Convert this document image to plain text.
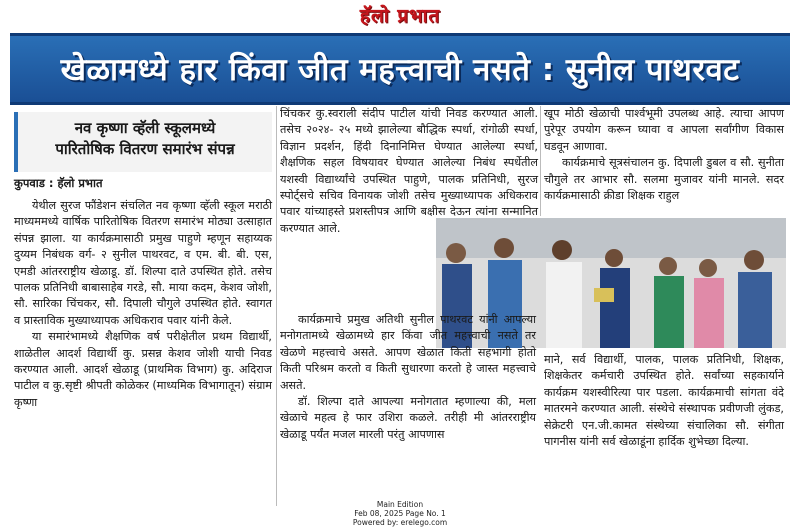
हॅलो प्रभात
खेळामध्ये हार किंवा जीत महत्त्वाची नसते : सुनील पाथरवट
नव कृष्णा व्हॅली स्कूलमध्ये
पारितोषिक वितरण समारंभ संपन्न
कुपवाड : हॅलो प्रभात

येथील सुरज फौंडेशन संचलित नव कृष्णा व्हॅली स्कूल मराठी माध्यममध्ये वार्षिक पारितोषिक वितरण समारंभ मोठ्या उत्साहात संपन्न झाला. या कार्यक्रमासाठी प्रमुख पाहुणे म्हणून सहाय्यक दुय्यम निबंधक वर्ग- २ सुनील पाथरवट, व एम. बी. बी. एस, एमडी आंतरराष्ट्रीय खेळाडू. डॉ. शिल्पा दाते उपस्थित होते. तसेच पालक प्रतिनिधी बाबासाहेब गरडे, सौ. माया कदम, केशव जोशी, सौ. सारिका चिंचकर, सौ. दिपाली चौगुले उपस्थित होते. स्वागत व प्रास्ताविक मुख्याध्यापक अधिकराव पवार यांनी केले.

या समारंभामध्ये शैक्षणिक वर्ष परीक्षेतील प्रथम विद्यार्थी, शाळेतील आदर्श विद्यार्थी कु. प्रसन्न केशव जोशी याची निवड करण्यात आली. आदर्श खेळाडू (प्राथमिक विभाग) कु. अदिराज पाटील व कु.सृष्टी श्रीपती कोळेकर (माध्यमिक विभागातून) संग्राम कृष्णा

चिंचकर कु.स्वराली संदीप पाटील यांची निवड करण्यात आली. तसेच २०२४- २५ मध्ये झालेल्या बौद्धिक स्पर्धा, रांगोळी स्पर्धा, विज्ञान प्रदर्शन, हिंदी दिनानिमित्त घेण्यात आलेल्या स्पर्धा, शैक्षणिक सहल विषयावर घेण्यात आलेल्या निबंध स्पर्धेतील यशस्वी विद्यार्थ्यांचे उपस्थित पाहुणे, पालक प्रतिनिधी, सुरज स्पोर्ट्सचे सचिव विनायक जोशी तसेच मुख्याध्यापक अधिकराव पवार यांच्याहस्ते प्रशस्तीपत्र आणि बक्षीस देऊन त्यांना सन्मानित करण्यात आले.

खूप मोठी खेळाची पार्श्वभूमी उपलब्ध आहे. त्याचा आपण पुरेपूर उपयोग करून घ्यावा व आपला सर्वांगीण विकास घडवून आणावा.

कार्यक्रमाचे सूत्रसंचालन कु. दिपाली डुबल व सौ. सुनीता चौगुले तर आभार सौ. सलमा मुजावर यांनी मानले. सदर कार्यक्रमासाठी क्रीडा शिक्षक राहुल

कार्यक्रमाचे प्रमुख अतिथी सुनील पाथरवट यांनी आपल्या मनोगतामध्ये खेळामध्ये हार किंवा जीत महत्त्वाची नसते तर खेळणे महत्त्वाचे असते. आपण खेळात किती सहभागी होतो किती परिश्रम करतो व किती सुधारणा करतो हे जास्त महत्त्वाचे असते.

डॉ. शिल्पा दाते आपल्या मनोगतात म्हणाल्या की, मला खेळाचे महत्व हे फार उशिरा कळले. तरीही मी आंतरराष्ट्रीय खेळाडू पर्यंत मजल मारली परंतु आपणास

माने, सर्व विद्यार्थी, पालक, पालक प्रतिनिधी, शिक्षक, शिक्षकेतर कर्मचारी उपस्थित होते. सर्वांच्या सहकार्याने कार्यक्रम यशस्वीरित्या पार पडला. कार्यक्रमाची सांगता वंदे मातरमने करण्यात आली. संस्थेचे संस्थापक प्रवीणजी लुंकड, सेक्रेटरी एन.जी.कामत संस्थेच्या संचालिका सौ. संगीता पागनीस यांनी सर्व खेळाडूंना हार्दिक शुभेच्छा दिल्या.

Main Edition
Feb 08, 2025 Page No. 1
Powered by: erelego.com
